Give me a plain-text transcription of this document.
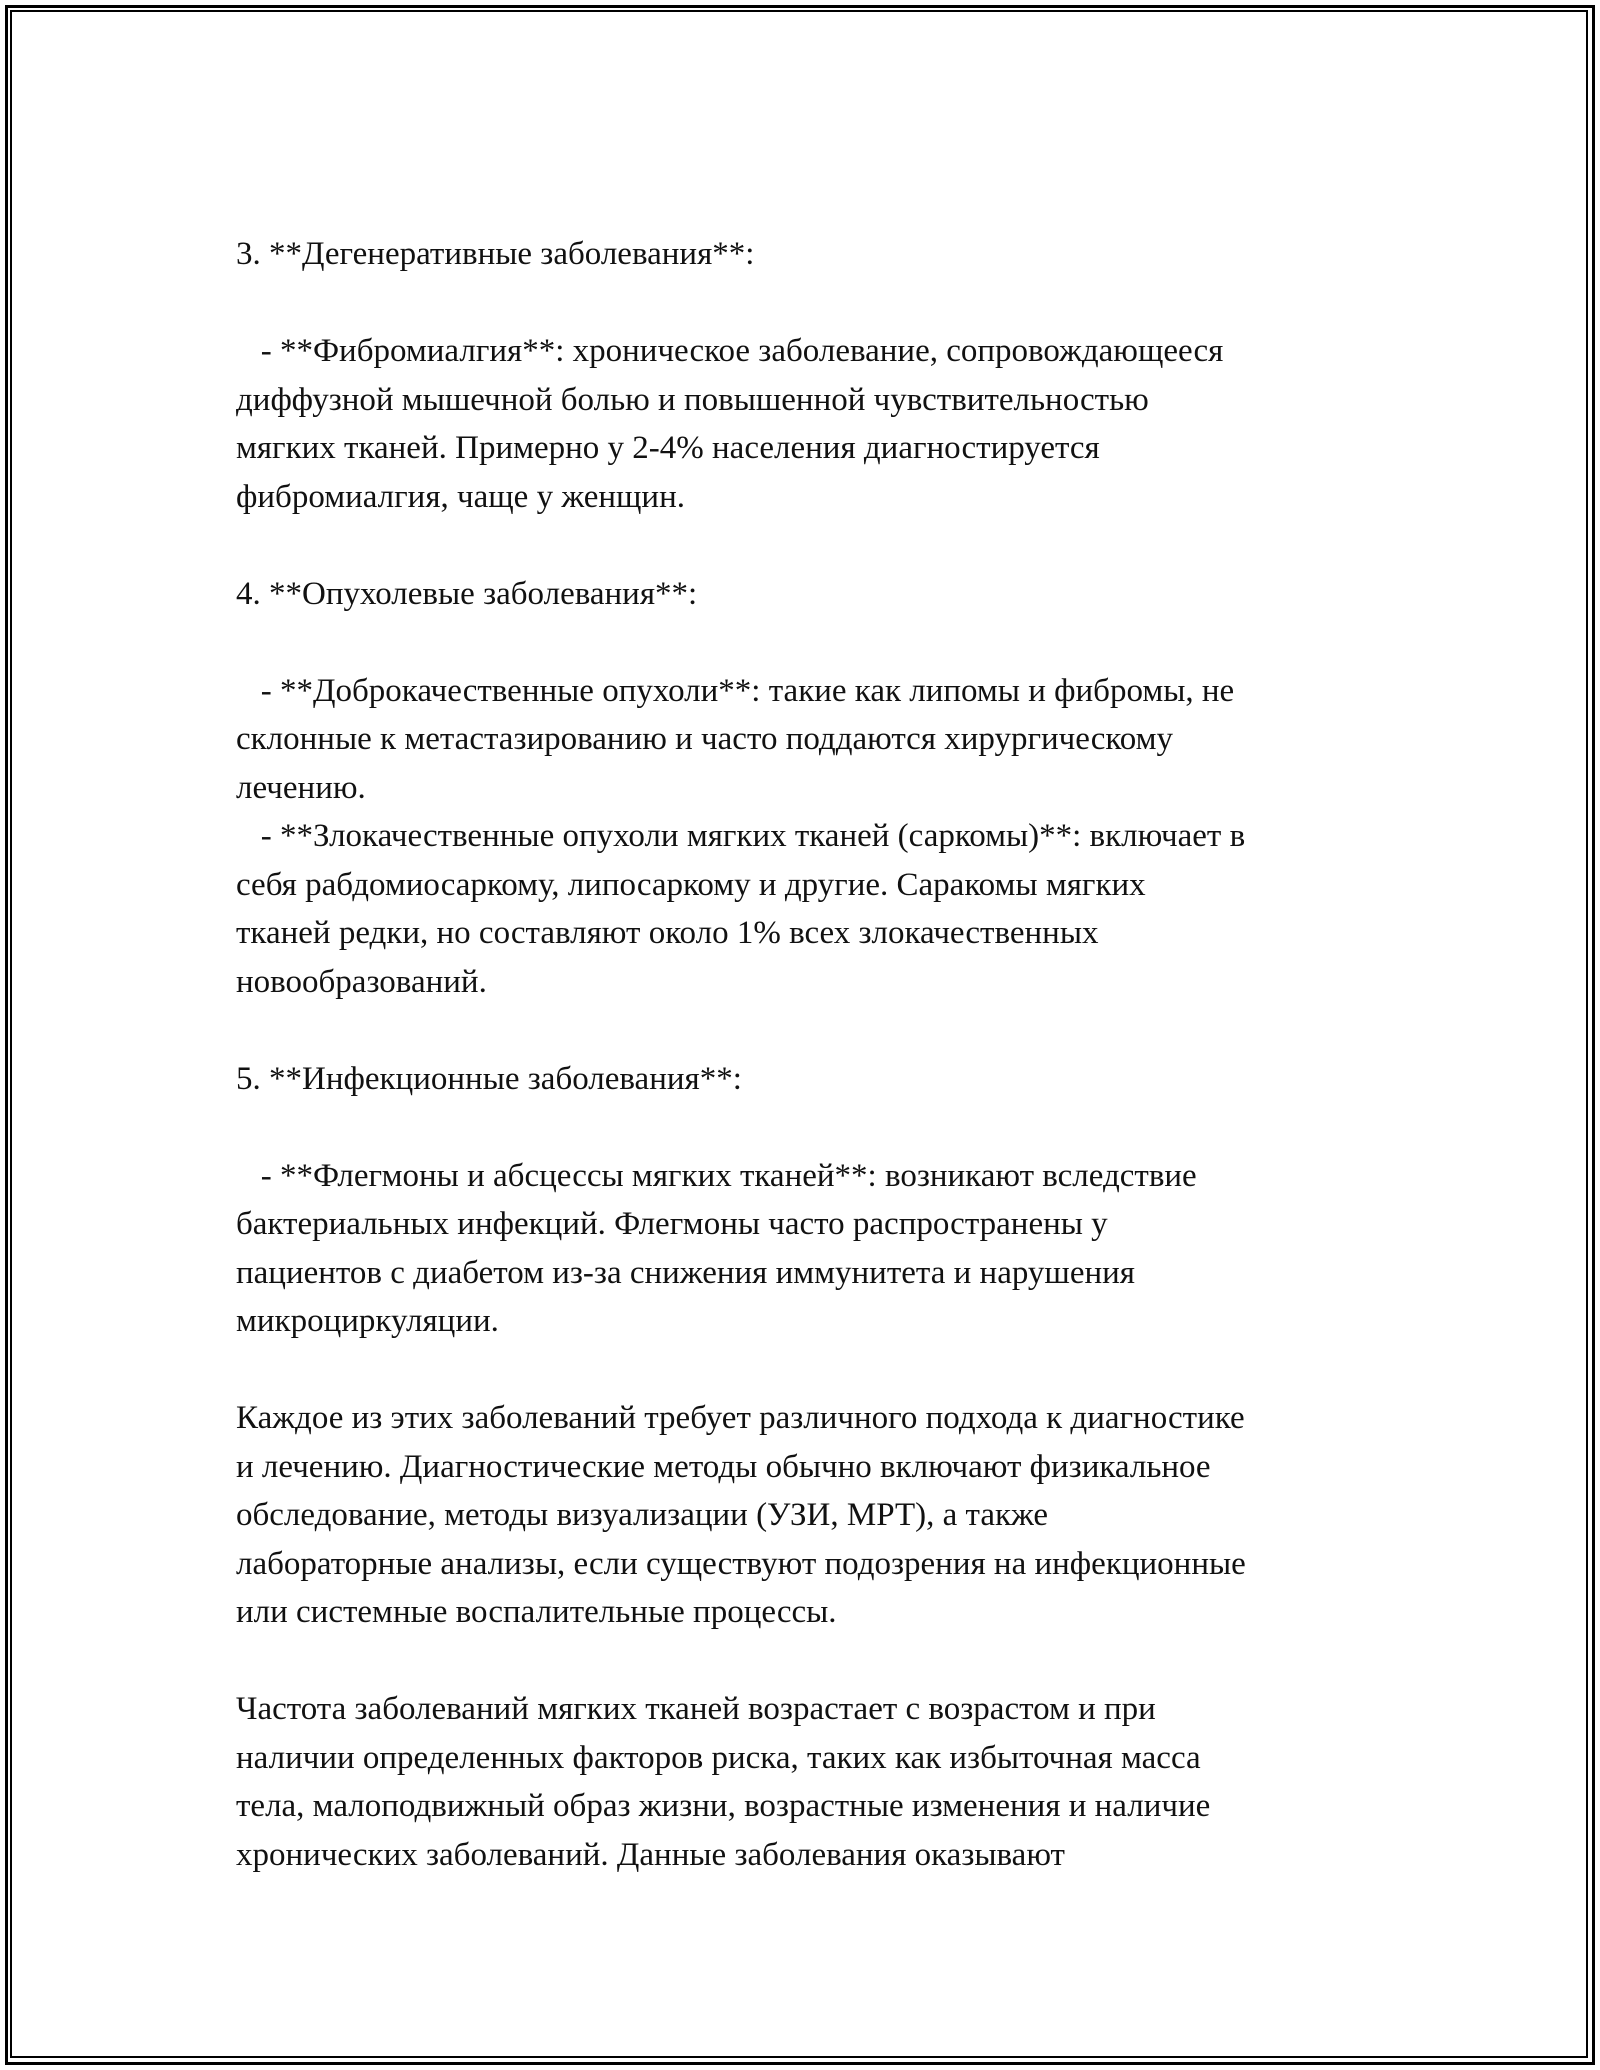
3. **Дегенеративные заболевания**:
- **Фибромиалгия**: хроническое заболевание, сопровождающееся
диффузной мышечной болью и повышенной чувствительностью
мягких тканей. Примерно у 2-4% населения диагностируется
фибромиалгия, чаще у женщин.
4. **Опухолевые заболевания**:
- **Доброкачественные опухоли**: такие как липомы и фибромы, не
склонные к метастазированию и часто поддаются хирургическому
лечению.
- **Злокачественные опухоли мягких тканей (саркомы)**: включает в
себя рабдомиосаркому, липосаркому и другие. Саракомы мягких
тканей редки, но составляют около 1% всех злокачественных
новообразований.
5. **Инфекционные заболевания**:
- **Флегмоны и абсцессы мягких тканей**: возникают вследствие
бактериальных инфекций. Флегмоны часто распространены у
пациентов с диабетом из-за снижения иммунитета и нарушения
микроциркуляции.
Каждое из этих заболеваний требует различного подхода к диагностике
и лечению. Диагностические методы обычно включают физикальное
обследование, методы визуализации (УЗИ, МРТ), а также
лабораторные анализы, если существуют подозрения на инфекционные
или системные воспалительные процессы.
Частота заболеваний мягких тканей возрастает с возрастом и при
наличии определенных факторов риска, таких как избыточная масса
тела, малоподвижный образ жизни, возрастные изменения и наличие
хронических заболеваний. Данные заболевания оказывают
